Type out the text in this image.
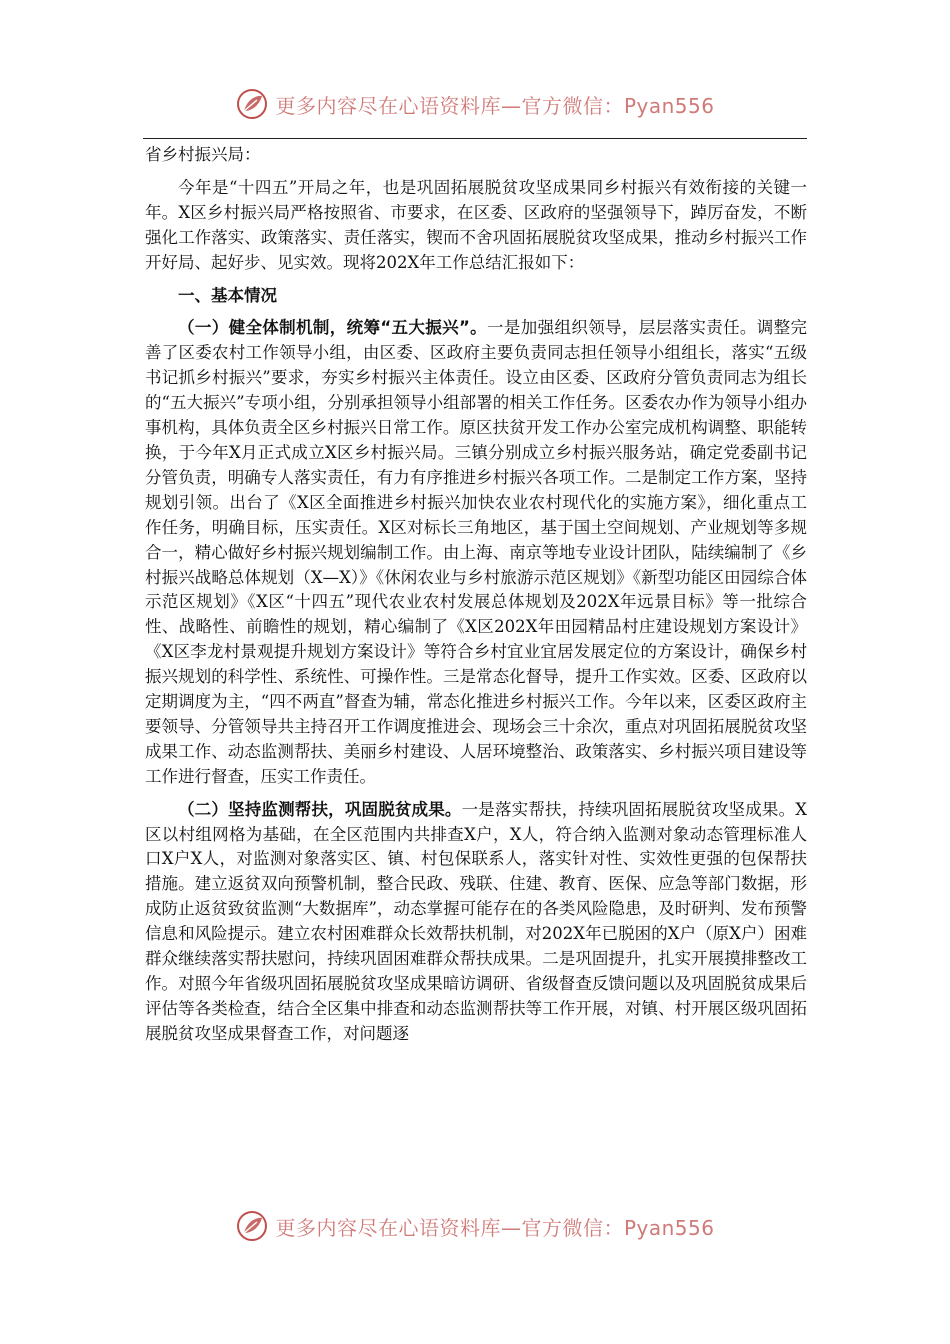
更多内容尽在心语资料库—官方微信：Pyan556

省乡村振兴局：

今年是“十四五”开局之年，也是巩固拓展脱贫攻坚成果同乡村振兴有效衔接的关键一年。X区乡村振兴局严格按照省、市要求，在区委、区政府的坚强领导下，踔厉奋发，不断强化工作落实、政策落实、责任落实，锲而不舍巩固拓展脱贫攻坚成果，推动乡村振兴工作开好局、起好步、见实效。现将202X年工作总结汇报如下：

一、基本情况

（一）健全体制机制，统筹“五大振兴”。一是加强组织领导，层层落实责任。调整完善了区委农村工作领导小组，由区委、区政府主要负责同志担任领导小组组长，落实“五级书记抓乡村振兴”要求，夯实乡村振兴主体责任。设立由区委、区政府分管负责同志为组长的“五大振兴”专项小组，分别承担领导小组部署的相关工作任务。区委农办作为领导小组办事机构，具体负责全区乡村振兴日常工作。原区扶贫开发工作办公室完成机构调整、职能转换，于今年X月正式成立X区乡村振兴局。三镇分别成立乡村振兴服务站，确定党委副书记分管负责，明确专人落实责任，有力有序推进乡村振兴各项工作。二是制定工作方案，坚持规划引领。出台了《X区全面推进乡村振兴加快农业农村现代化的实施方案》，细化重点工作任务，明确目标，压实责任。X区对标长三角地区，基于国土空间规划、产业规划等多规合一，精心做好乡村振兴规划编制工作。由上海、南京等地专业设计团队，陆续编制了《乡村振兴战略总体规划（X—X）》《休闲农业与乡村旅游示范区规划》《新型功能区田园综合体示范区规划》《X区“十四五”现代农业农村发展总体规划及202X年远景目标》等一批综合性、战略性、前瞻性的规划，精心编制了《X区202X年田园精品村庄建设规划方案设计》《X区李龙村景观提升规划方案设计》等符合乡村宜业宜居发展定位的方案设计，确保乡村振兴规划的科学性、系统性、可操作性。三是常态化督导，提升工作实效。区委、区政府以定期调度为主，“四不两直”督查为辅，常态化推进乡村振兴工作。今年以来，区委区政府主要领导、分管领导共主持召开工作调度推进会、现场会三十余次，重点对巩固拓展脱贫攻坚成果工作、动态监测帮扶、美丽乡村建设、人居环境整治、政策落实、乡村振兴项目建设等工作进行督查，压实工作责任。

（二）坚持监测帮扶，巩固脱贫成果。一是落实帮扶，持续巩固拓展脱贫攻坚成果。X区以村组网格为基础，在全区范围内共排查X户，X人，符合纳入监测对象动态管理标准人口X户X人，对监测对象落实区、镇、村包保联系人，落实针对性、实效性更强的包保帮扶措施。建立返贫双向预警机制，整合民政、残联、住建、教育、医保、应急等部门数据，形成防止返贫致贫监测“大数据库”，动态掌握可能存在的各类风险隐患，及时研判、发布预警信息和风险提示。建立农村困难群众长效帮扶机制，对202X年已脱困的X户（原X户）困难群众继续落实帮扶慰问，持续巩固困难群众帮扶成果。二是巩固提升，扎实开展摸排整改工作。对照今年省级巩固拓展脱贫攻坚成果暗访调研、省级督查反馈问题以及巩固脱贫成果后评估等各类检查，结合全区集中排查和动态监测帮扶等工作开展，对镇、村开展区级巩固拓展脱贫攻坚成果督查工作，对问题逐

更多内容尽在心语资料库—官方微信：Pyan556
